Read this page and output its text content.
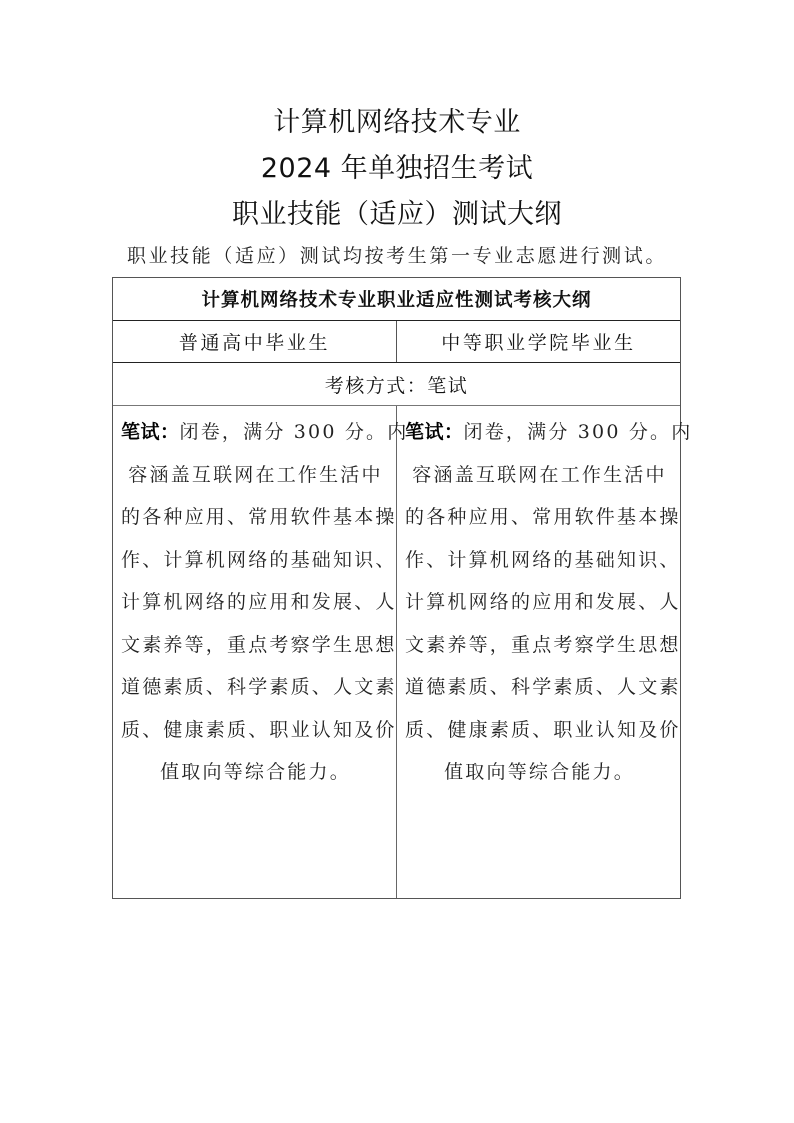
计算机网络技术专业
2024 年单独招生考试
职业技能（适应）测试大纲
职业技能（适应）测试均按考生第一专业志愿进行测试。
计算机网络技术专业职业适应性测试考核大纲
普通高中毕业生	中等职业学院毕业生
考核方式：笔试
笔试：闭卷，满分 300 分。内
容涵盖互联网在工作生活中
的各种应用、常用软件基本操
作、计算机网络的基础知识、
计算机网络的应用和发展、人
文素养等，重点考察学生思想
道德素质、科学素质、人文素
质、健康素质、职业认知及价
值取向等综合能力。
笔试：闭卷，满分 300 分。内
容涵盖互联网在工作生活中
的各种应用、常用软件基本操
作、计算机网络的基础知识、
计算机网络的应用和发展、人
文素养等，重点考察学生思想
道德素质、科学素质、人文素
质、健康素质、职业认知及价
值取向等综合能力。
